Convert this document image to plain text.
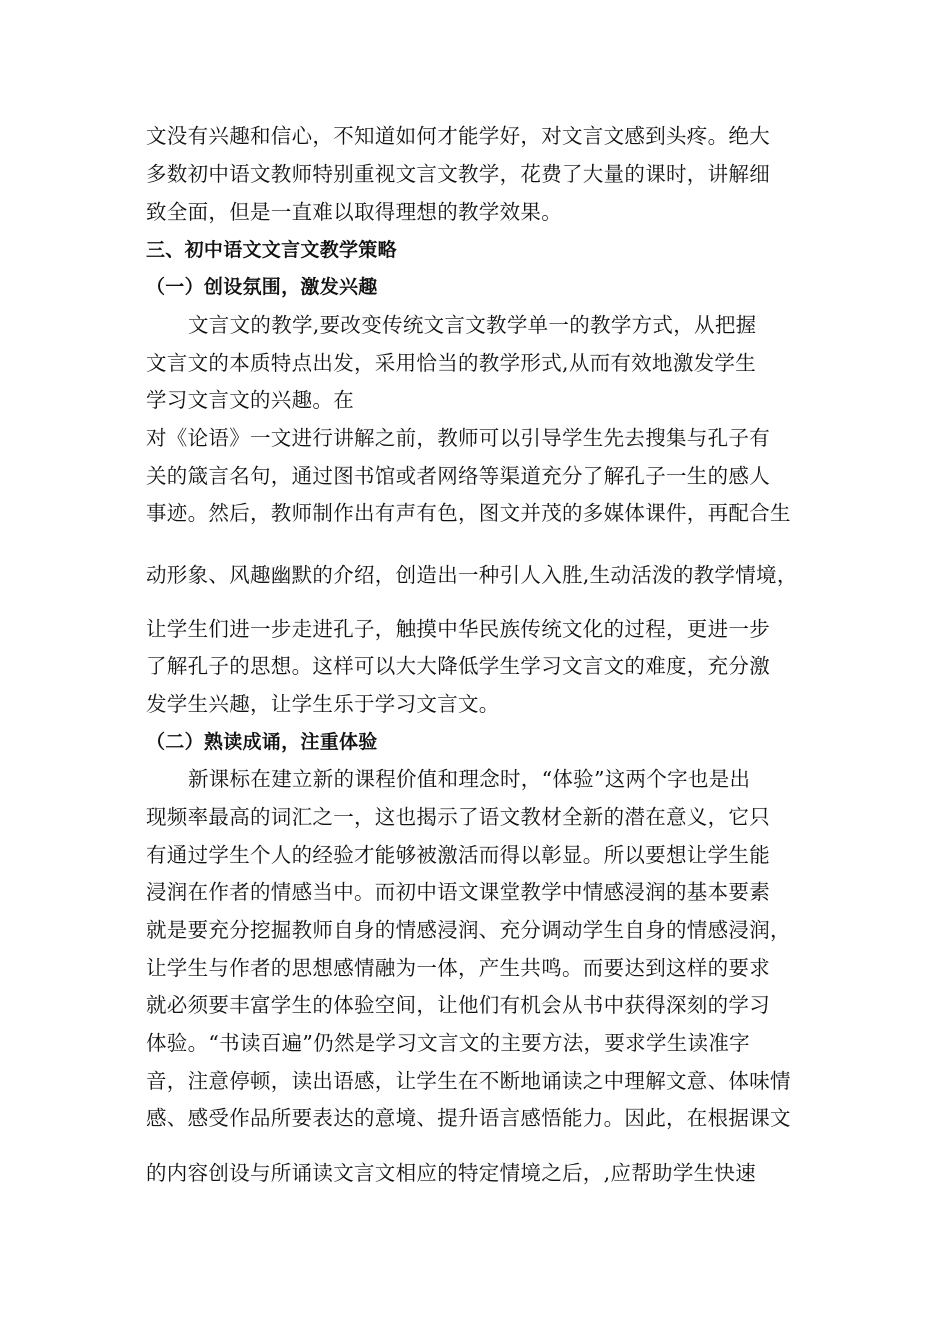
文没有兴趣和信心，不知道如何才能学好，对文言文感到头疼。绝大
多数初中语文教师特别重视文言文教学，花费了大量的课时，讲解细
致全面，但是一直难以取得理想的教学效果。
三、初中语文文言文教学策略
（一）创设氛围，激发兴趣
文言文的教学,要改变传统文言文教学单一的教学方式，从把握
文言文的本质特点出发，采用恰当的教学形式,从而有效地激发学生
学习文言文的兴趣。在
对《论语》一文进行讲解之前，教师可以引导学生先去搜集与孔子有
关的箴言名句，通过图书馆或者网络等渠道充分了解孔子一生的感人
事迹。然后，教师制作出有声有色，图文并茂的多媒体课件，再配合生
动形象、风趣幽默的介绍，创造出一种引人入胜,生动活泼的教学情境，
让学生们进一步走进孔子，触摸中华民族传统文化的过程，更进一步
了解孔子的思想。这样可以大大降低学生学习文言文的难度，充分激
发学生兴趣，让学生乐于学习文言文。
（二）熟读成诵，注重体验
新课标在建立新的课程价值和理念时，“体验”这两个字也是出
现频率最高的词汇之一，这也揭示了语文教材全新的潜在意义，它只
有通过学生个人的经验才能够被激活而得以彰显。所以要想让学生能
浸润在作者的情感当中。而初中语文课堂教学中情感浸润的基本要素
就是要充分挖掘教师自身的情感浸润、充分调动学生自身的情感浸润，
让学生与作者的思想感情融为一体，产生共鸣。而要达到这样的要求
就必须要丰富学生的体验空间，让他们有机会从书中获得深刻的学习
体验。“书读百遍”仍然是学习文言文的主要方法，要求学生读准字
音，注意停顿，读出语感，让学生在不断地诵读之中理解文意、体味情
感、感受作品所要表达的意境、提升语言感悟能力。因此，在根据课文
的内容创设与所诵读文言文相应的特定情境之后，,应帮助学生快速
